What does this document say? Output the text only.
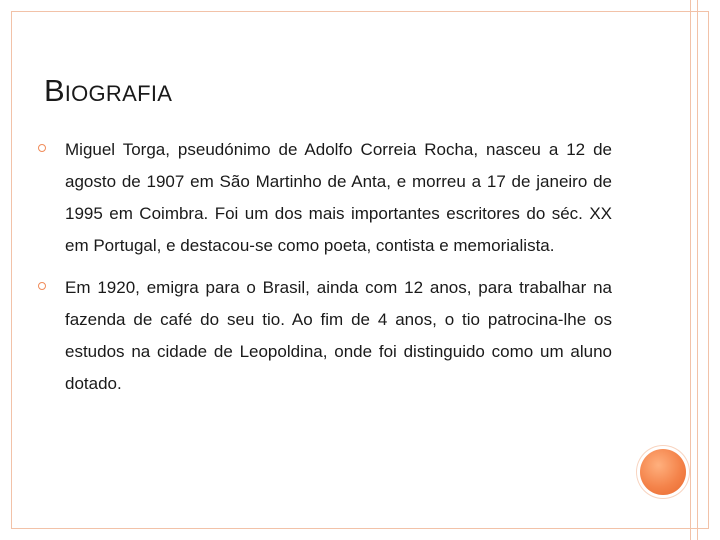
BIOGRAFIA

Miguel Torga, pseudónimo de Adolfo Correia Rocha, nasceu a 12 de agosto de 1907 em São Martinho de Anta, e morreu a 17 de janeiro de 1995 em Coimbra. Foi um dos mais importantes escritores do séc. XX em Portugal, e destacou-se como poeta, contista e memorialista.

Em 1920, emigra para o Brasil, ainda com 12 anos, para trabalhar na fazenda de café do seu tio. Ao fim de 4 anos, o tio patrocina-lhe os estudos na cidade de Leopoldina, onde foi distinguido como um aluno dotado.
